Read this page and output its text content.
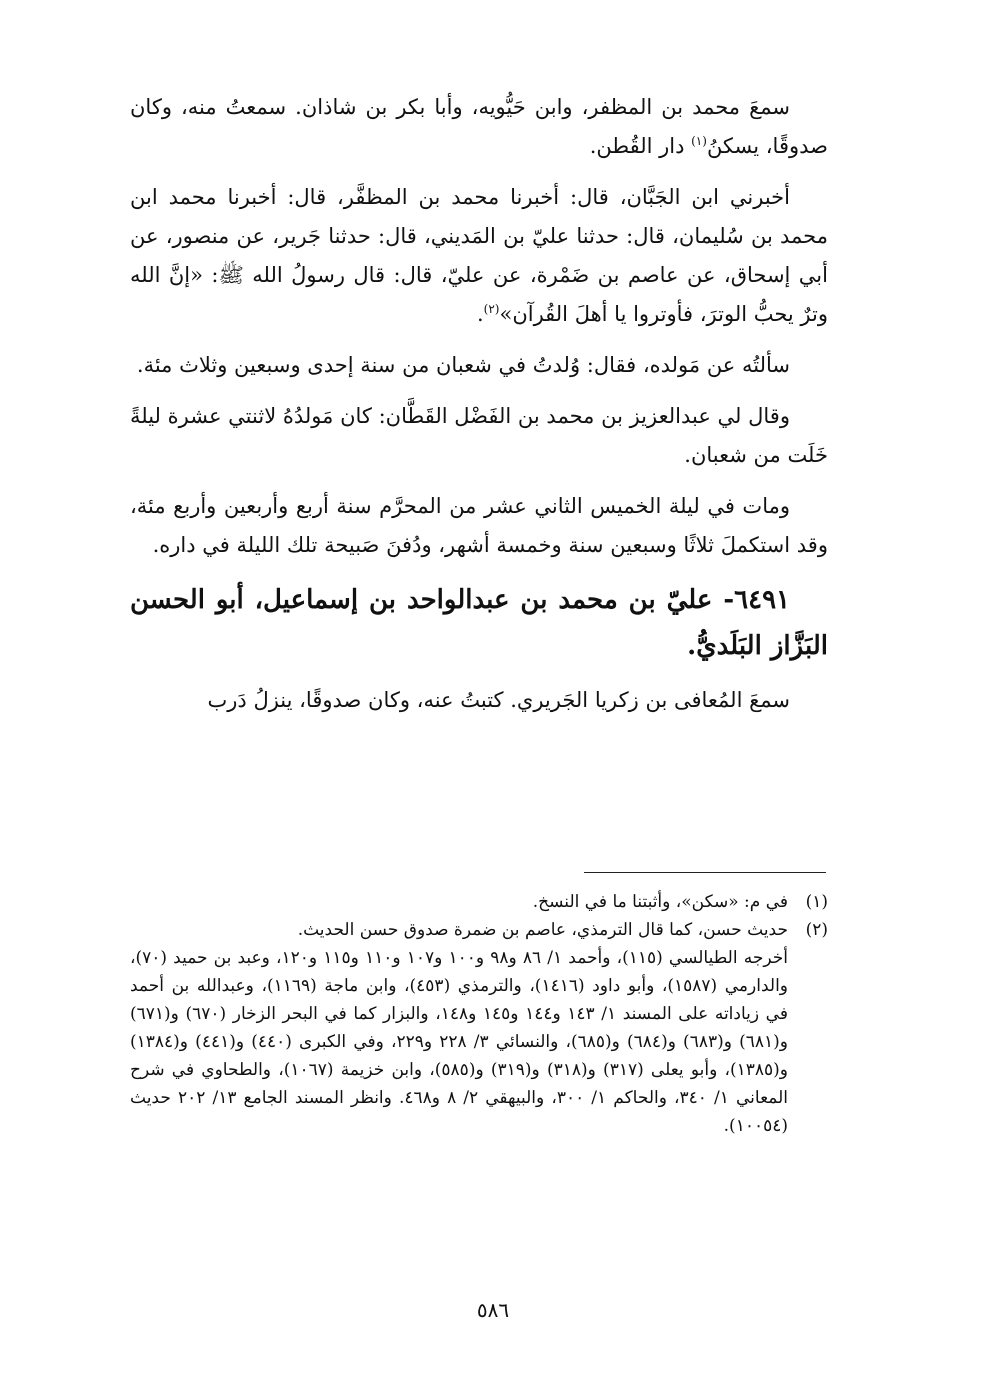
سمعَ محمد بن المظفر، وابن حَيُّويه، وأبا بكر بن شاذان. سمعتُ منه، وكان صدوقًا، يسكنُ$^{(١)}$ دار القُطن.

أخبرني ابن الجَبَّان، قال: أخبرنا محمد بن المظفَّر، قال: أخبرنا محمد ابن محمد بن سُليمان، قال: حدثنا عليّ بن المَديني، قال: حدثنا جَرير، عن منصور، عن أبي إسحاق، عن عاصم بن ضَمْرة، عن عليّ، قال: قال رسولُ الله ﷺ: «إنَّ الله وترٌ يحبُّ الوترَ، فأوتروا يا أهلَ القُرآن»$^{(٢)}$.

سألتُه عن مَولده، فقال: وُلدتُ في شعبان من سنة إحدى وسبعين وثلاث مئة.

وقال لي عبدالعزيز بن محمد بن الفَضْل القَطَّان: كان مَولدُهُ لاثنتي عشرة ليلةً خَلَت من شعبان.

ومات في ليلة الخميس الثاني عشر من المحرَّم سنة أربع وأربعين وأربع مئة، وقد استكملَ ثلاثًا وسبعين سنة وخمسة أشهر، ودُفنَ صَبيحة تلك الليلة في داره.

٦٤٩١- عليّ بن محمد بن عبدالواحد بن إسماعيل، أبو الحسن البَزَّاز البَلَديُّ.

سمعَ المُعافى بن زكريا الجَريري. كتبتُ عنه، وكان صدوقًا، ينزلُ دَرب

(١)

في م: «سكن»، وأثبتنا ما في النسخ.

(٢)

حديث حسن، كما قال الترمذي، عاصم بن ضمرة صدوق حسن الحديث.

أخرجه الطيالسي (١١٥)، وأحمد ١/ ٨٦ و٩٨ و١٠٠ و١٠٧ و١١٠ و١١٥ و١٢٠، وعبد بن حميد (٧٠)، والدارمي (١٥٨٧)، وأبو داود (١٤١٦)، والترمذي (٤٥٣)، وابن ماجة (١١٦٩)، وعبدالله بن أحمد في زياداته على المسند ١/ ١٤٣ و١٤٤ و١٤٥ و١٤٨، والبزار كما في البحر الزخار (٦٧٠) و(٦٧١) و(٦٨١) و(٦٨٣) و(٦٨٤) و(٦٨٥)، والنسائي ٣/ ٢٢٨ و٢٢٩، وفي الكبرى (٤٤٠) و(٤٤١) و(١٣٨٤) و(١٣٨٥)، وأبو يعلى (٣١٧) و(٣١٨) و(٣١٩) و(٥٨٥)، وابن خزيمة (١٠٦٧)، والطحاوي في شرح المعاني ١/ ٣٤٠، والحاكم ١/ ٣٠٠، والبيهقي ٢/ ٨ و٤٦٨. وانظر المسند الجامع ١٣/ ٢٠٢ حديث (١٠٠٥٤).

٥٨٦
